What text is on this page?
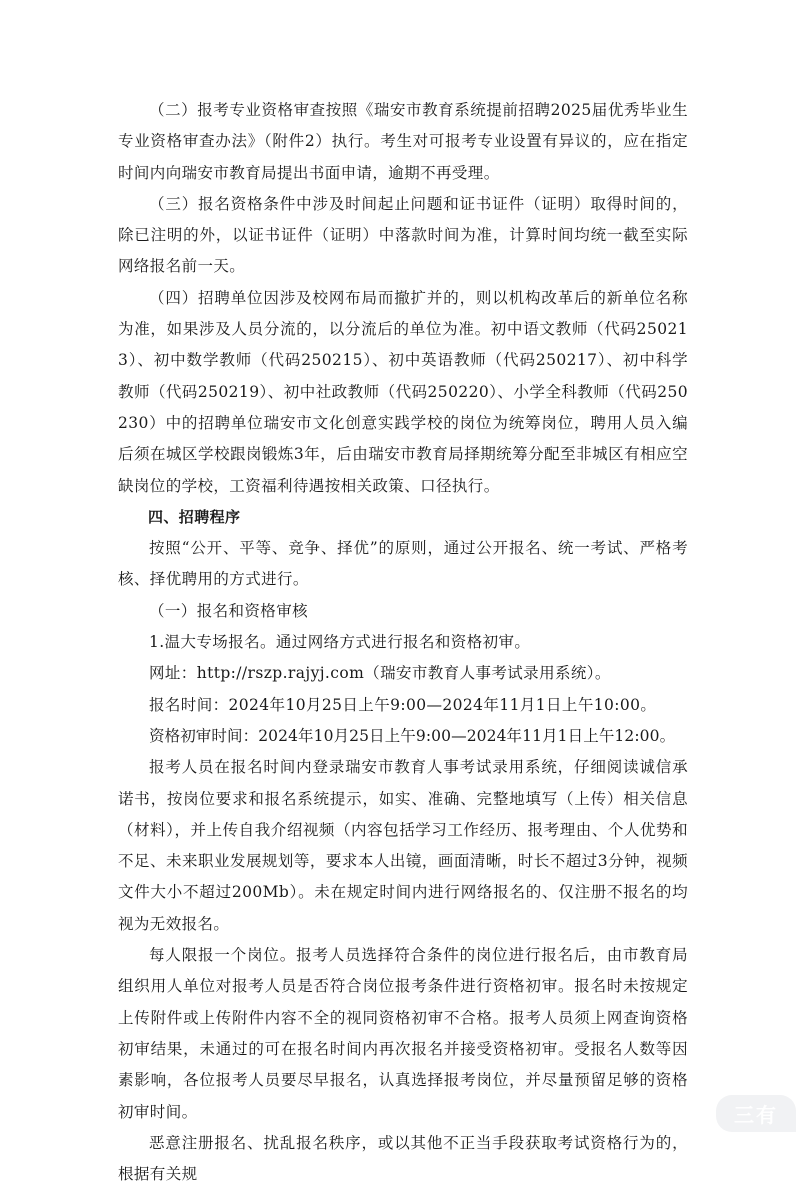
（二）报考专业资格审查按照《瑞安市教育系统提前招聘2025届优秀毕业生专业资格审查办法》（附件2）执行。考生对可报考专业设置有异议的，应在指定时间内向瑞安市教育局提出书面申请，逾期不再受理。

（三）报名资格条件中涉及时间起止问题和证书证件（证明）取得时间的，除已注明的外，以证书证件（证明）中落款时间为准，计算时间均统一截至实际网络报名前一天。

（四）招聘单位因涉及校网布局而撤扩并的，则以机构改革后的新单位名称为准，如果涉及人员分流的，以分流后的单位为准。初中语文教师（代码250213）、初中数学教师（代码250215）、初中英语教师（代码250217）、初中科学教师（代码250219）、初中社政教师（代码250220）、小学全科教师（代码250230）中的招聘单位瑞安市文化创意实践学校的岗位为统筹岗位，聘用人员入编后须在城区学校跟岗锻炼3年，后由瑞安市教育局择期统筹分配至非城区有相应空缺岗位的学校，工资福利待遇按相关政策、口径执行。

四、招聘程序

按照“公开、平等、竞争、择优”的原则，通过公开报名、统一考试、严格考核、择优聘用的方式进行。

（一）报名和资格审核

1.温大专场报名。通过网络方式进行报名和资格初审。

网址：http://rszp.rajyj.com（瑞安市教育人事考试录用系统）。

报名时间：2024年10月25日上午9:00—2024年11月1日上午10:00。

资格初审时间：2024年10月25日上午9:00—2024年11月1日上午12:00。

报考人员在报名时间内登录瑞安市教育人事考试录用系统，仔细阅读诚信承诺书，按岗位要求和报名系统提示，如实、准确、完整地填写（上传）相关信息（材料），并上传自我介绍视频（内容包括学习工作经历、报考理由、个人优势和不足、未来职业发展规划等，要求本人出镜，画面清晰，时长不超过3分钟，视频文件大小不超过200Mb）。未在规定时间内进行网络报名的、仅注册不报名的均视为无效报名。

每人限报一个岗位。报考人员选择符合条件的岗位进行报名后，由市教育局组织用人单位对报考人员是否符合岗位报考条件进行资格初审。报名时未按规定上传附件或上传附件内容不全的视同资格初审不合格。报考人员须上网查询资格初审结果，未通过的可在报名时间内再次报名并接受资格初审。受报名人数等因素影响，各位报考人员要尽早报名，认真选择报考岗位，并尽量预留足够的资格初审时间。

恶意注册报名、扰乱报名秩序，或以其他不正当手段获取考试资格行为的，根据有关规

三有
